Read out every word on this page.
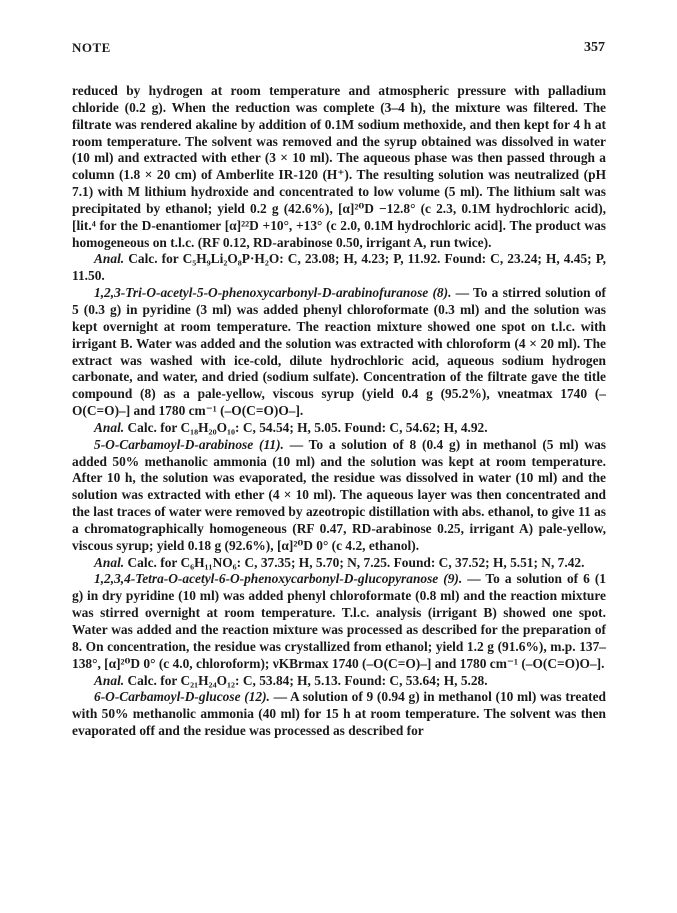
NOTE	357

reduced by hydrogen at room temperature and atmospheric pressure with palladium chloride (0.2 g). When the reduction was complete (3–4 h), the mixture was filtered. The filtrate was rendered akaline by addition of 0.1M sodium methoxide, and then kept for 4 h at room temperature. The solvent was removed and the syrup obtained was dissolved in water (10 ml) and extracted with ether (3 × 10 ml). The aqueous phase was then passed through a column (1.8 × 20 cm) of Amberlite IR-120 (H⁺). The resulting solution was neutralized (pH 7.1) with M lithium hydroxide and concentrated to low volume (5 ml). The lithium salt was precipitated by ethanol; yield 0.2 g (42.6%), [α]²⁰D −12.8° (c 2.3, 0.1M hydrochloric acid), [lit.⁴ for the D-enantiomer [α]²²D +10°, +13° (c 2.0, 0.1M hydrochloric acid]. The product was homogeneous on t.l.c. (RF 0.12, RD-arabinose 0.50, irrigant A, run twice).

Anal. Calc. for C₅H₉Li₂O₈P·H₂O: C, 23.08; H, 4.23; P, 11.92. Found: C, 23.24; H, 4.45; P, 11.50.

1,2,3-Tri-O-acetyl-5-O-phenoxycarbonyl-D-arabinofuranose (8). — To a stirred solution of 5 (0.3 g) in pyridine (3 ml) was added phenyl chloroformate (0.3 ml) and the solution was kept overnight at room temperature. The reaction mixture showed one spot on t.l.c. with irrigant B. Water was added and the solution was extracted with chloroform (4 × 20 ml). The extract was washed with ice-cold, dilute hydrochloric acid, aqueous sodium hydrogen carbonate, and water, and dried (sodium sulfate). Concentration of the filtrate gave the title compound (8) as a pale-yellow, viscous syrup (yield 0.4 g (95.2%), νneatmax 1740 (–O(C=O)–] and 1780 cm⁻¹ (–O(C=O)O–].

Anal. Calc. for C₁₈H₂₀O₁₀: C, 54.54; H, 5.05. Found: C, 54.62; H, 4.92.

5-O-Carbamoyl-D-arabinose (11). — To a solution of 8 (0.4 g) in methanol (5 ml) was added 50% methanolic ammonia (10 ml) and the solution was kept at room temperature. After 10 h, the solution was evaporated, the residue was dissolved in water (10 ml) and the solution was extracted with ether (4 × 10 ml). The aqueous layer was then concentrated and the last traces of water were removed by azeotropic distillation with abs. ethanol, to give 11 as a chromatographically homogeneous (RF 0.47, RD-arabinose 0.25, irrigant A) pale-yellow, viscous syrup; yield 0.18 g (92.6%), [α]²⁰D 0° (c 4.2, ethanol).

Anal. Calc. for C₆H₁₁NO₆: C, 37.35; H, 5.70; N, 7.25. Found: C, 37.52; H, 5.51; N, 7.42.

1,2,3,4-Tetra-O-acetyl-6-O-phenoxycarbonyl-D-glucopyranose (9). — To a solution of 6 (1 g) in dry pyridine (10 ml) was added phenyl chloroformate (0.8 ml) and the reaction mixture was stirred overnight at room temperature. T.l.c. analysis (irrigant B) showed one spot. Water was added and the reaction mixture was processed as described for the preparation of 8. On concentration, the residue was crystallized from ethanol; yield 1.2 g (91.6%), m.p. 137–138°, [α]²⁰D 0° (c 4.0, chloroform); νKBrmax 1740 (–O(C=O)–] and 1780 cm⁻¹ (–O(C=O)O–].

Anal. Calc. for C₂₁H₂₄O₁₂: C, 53.84; H, 5.13. Found: C, 53.64; H, 5.28.

6-O-Carbamoyl-D-glucose (12). — A solution of 9 (0.94 g) in methanol (10 ml) was treated with 50% methanolic ammonia (40 ml) for 15 h at room temperature. The solvent was then evaporated off and the residue was processed as described for
